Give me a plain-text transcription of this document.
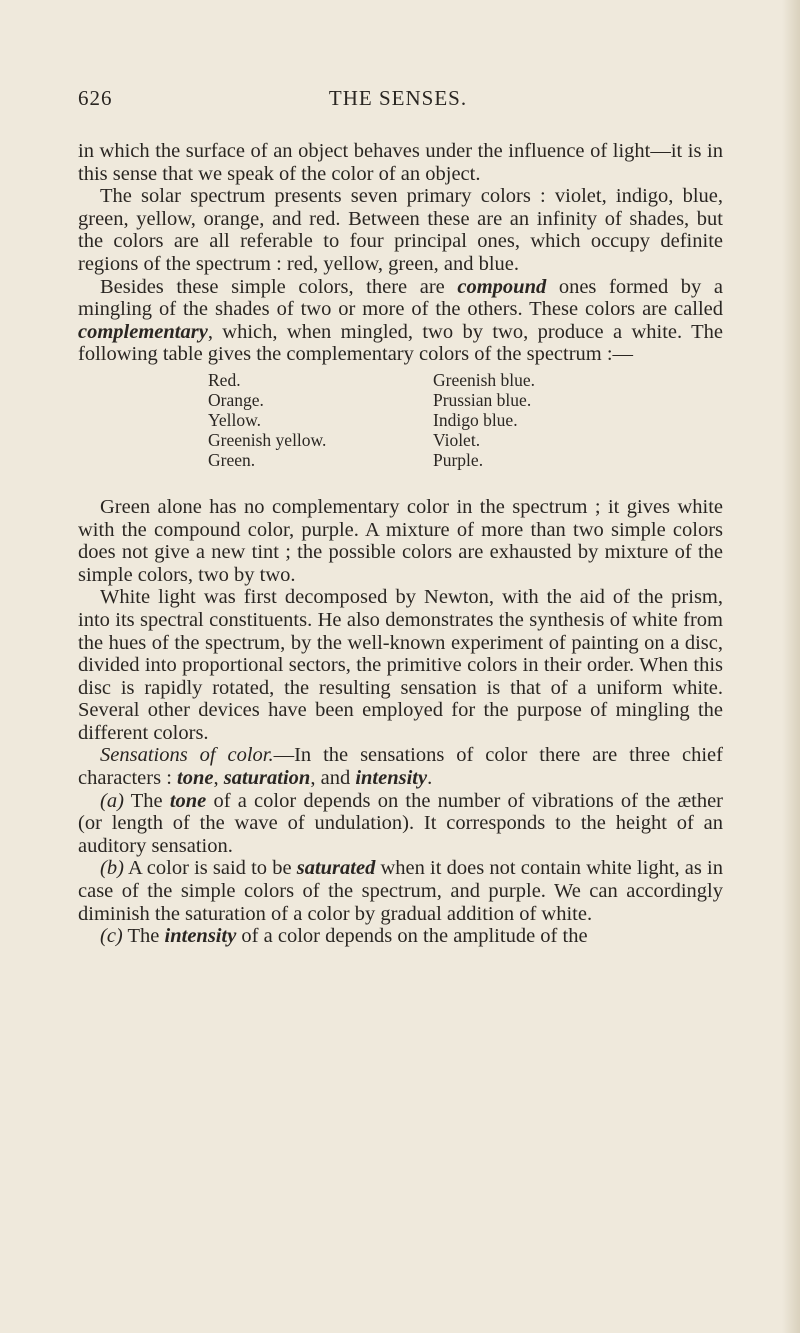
626	THE SENSES.

in which the surface of an object behaves under the influence of light—it is in this sense that we speak of the color of an object.

The solar spectrum presents seven primary colors : violet, indigo, blue, green, yellow, orange, and red. Between these are an infinity of shades, but the colors are all referable to four principal ones, which occupy definite regions of the spectrum : red, yellow, green, and blue.

Besides these simple colors, there are compound ones formed by a mingling of the shades of two or more of the others. These colors are called complementary, which, when mingled, two by two, produce a white. The following table gives the complementary colors of the spectrum :—

Red.
Orange.
Yellow.
Greenish yellow.
Green.
Greenish blue.
Prussian blue.
Indigo blue.
Violet.
Purple.

Green alone has no complementary color in the spectrum ; it gives white with the compound color, purple. A mixture of more than two simple colors does not give a new tint ; the possible colors are exhausted by mixture of the simple colors, two by two.

White light was first decomposed by Newton, with the aid of the prism, into its spectral constituents. He also demonstrates the synthesis of white from the hues of the spectrum, by the well-known experiment of painting on a disc, divided into proportional sectors, the primitive colors in their order. When this disc is rapidly rotated, the resulting sensation is that of a uniform white. Several other devices have been employed for the purpose of mingling the different colors.

Sensations of color.—In the sensations of color there are three chief characters : tone, saturation, and intensity.

(a) The tone of a color depends on the number of vibrations of the æther (or length of the wave of undulation). It corresponds to the height of an auditory sensation.

(b) A color is said to be saturated when it does not contain white light, as in case of the simple colors of the spectrum, and purple. We can accordingly diminish the saturation of a color by gradual addition of white.

(c) The intensity of a color depends on the amplitude of the
